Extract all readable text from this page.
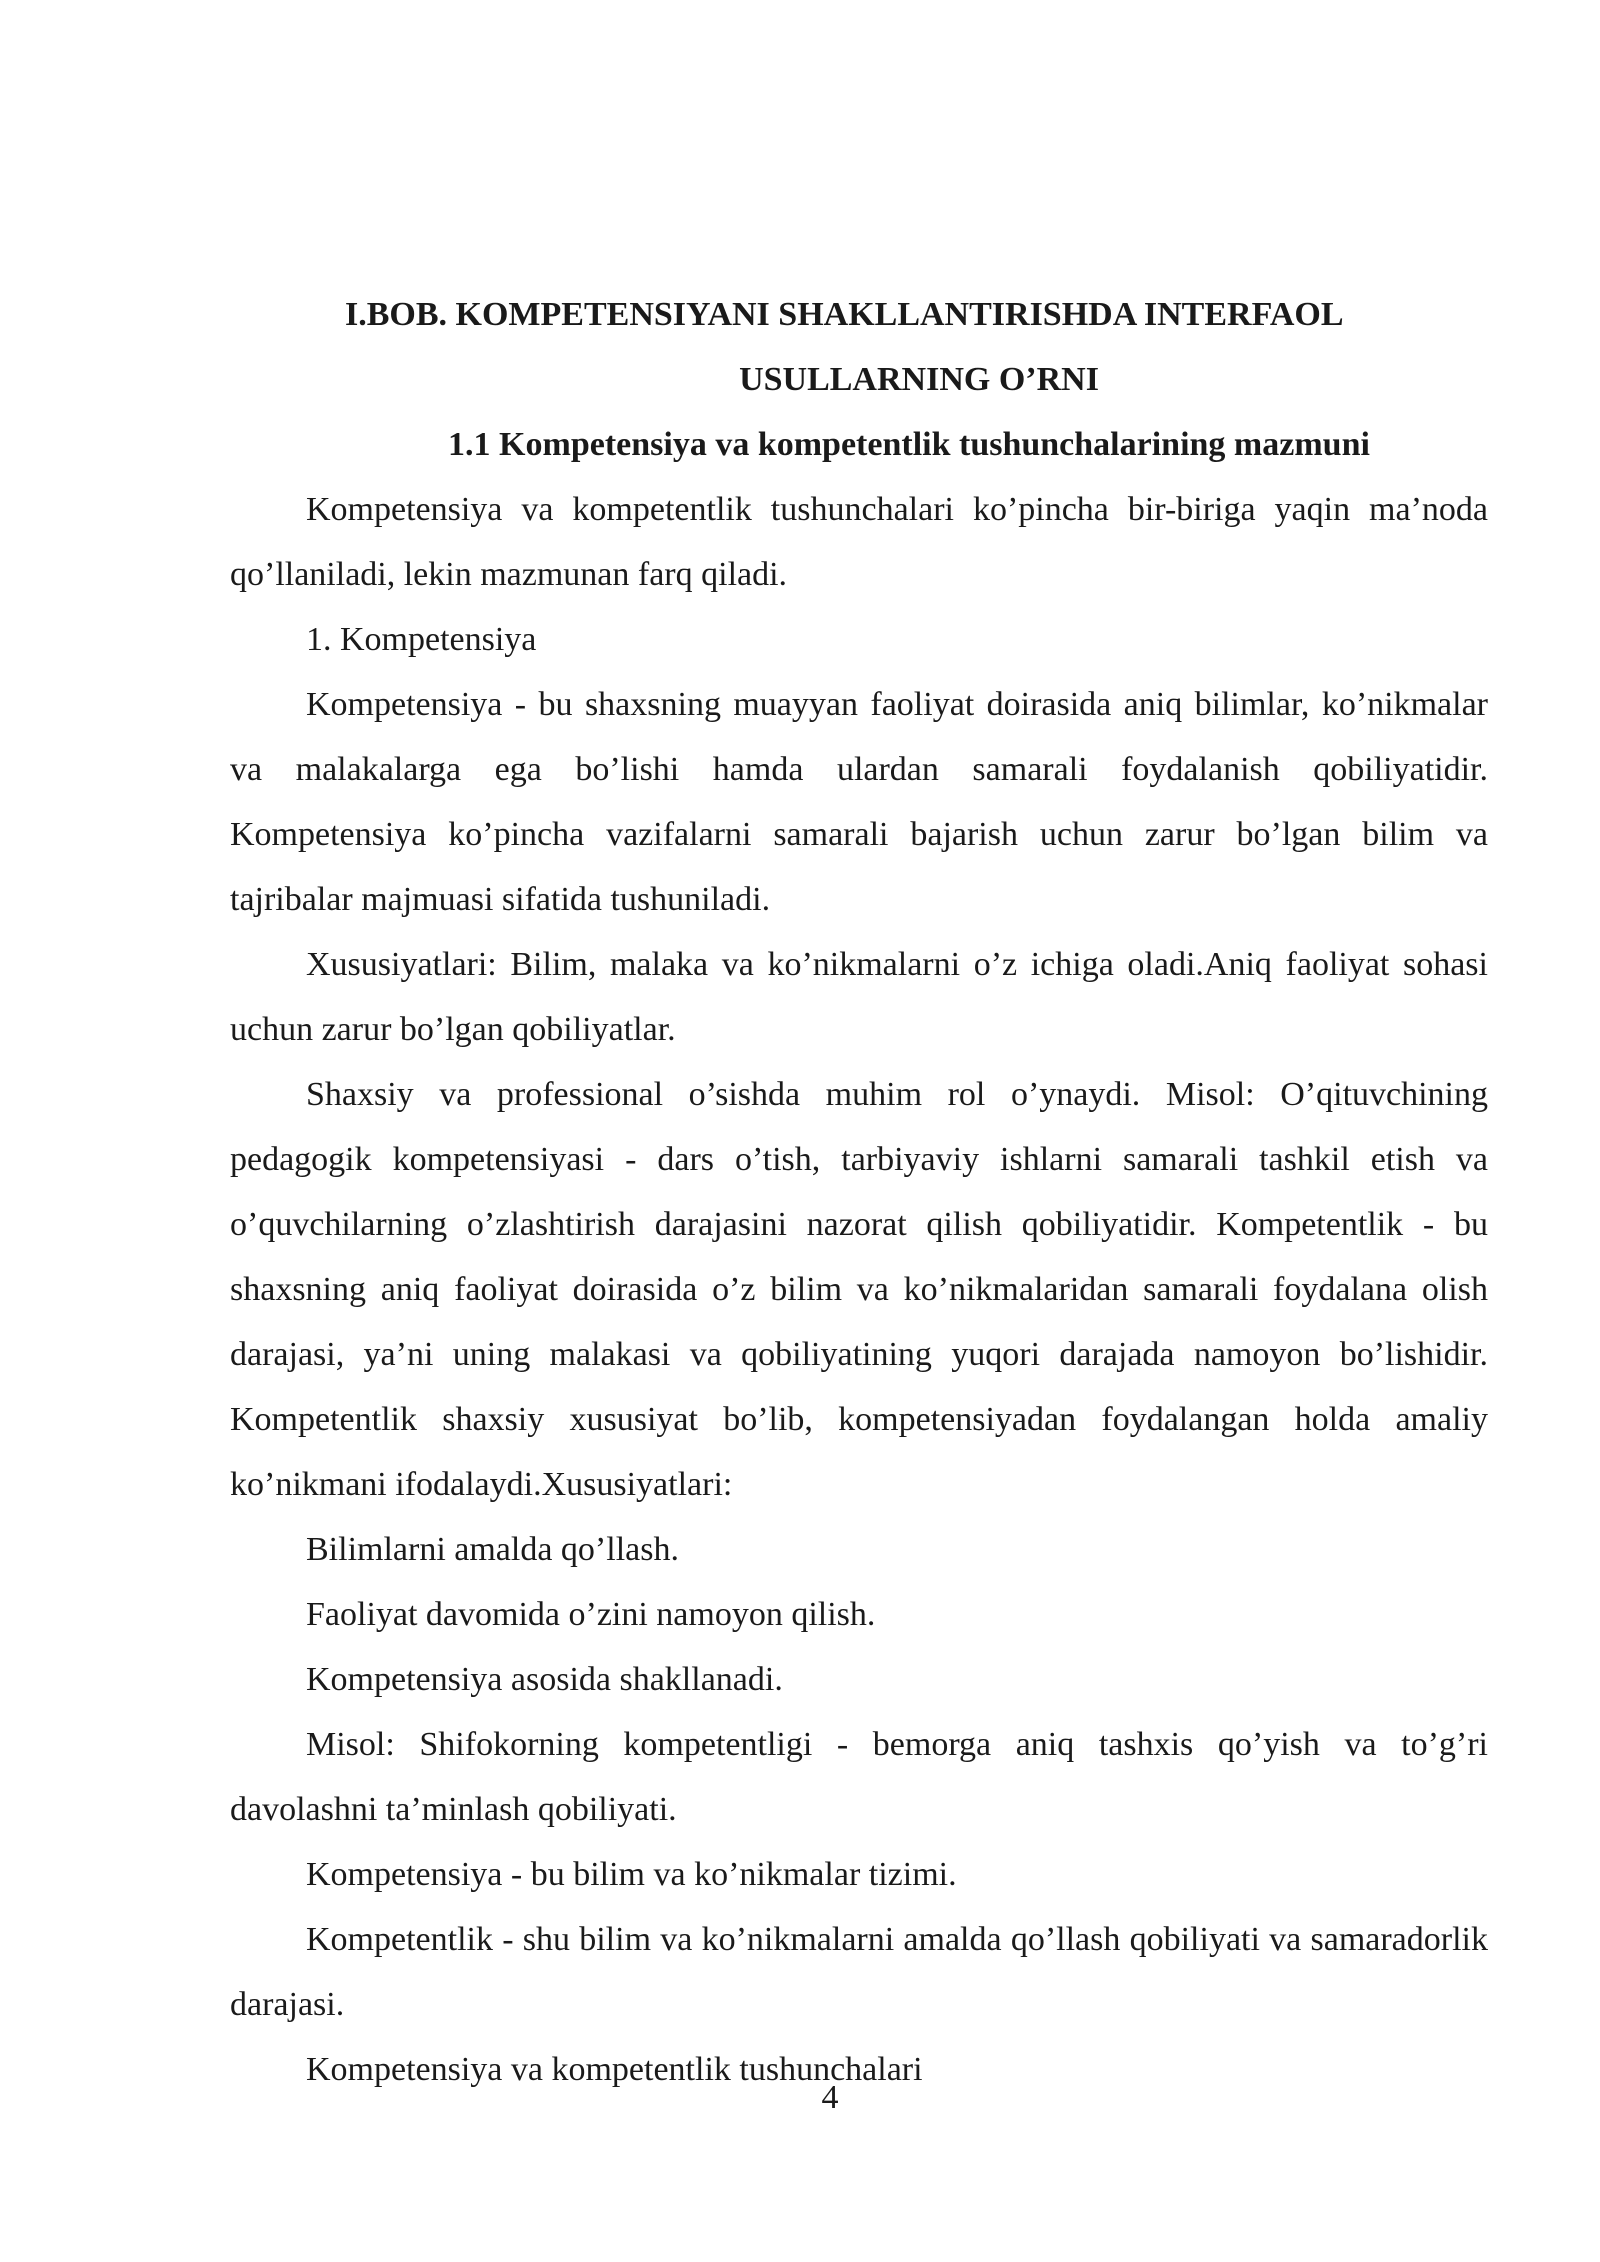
I.BOB. KOMPETENSIYANI SHAKLLANTIRISHDA INTERFAOL

USULLARNING O’RNI

1.1 Kompetensiya va kompetentlik tushunchalarining mazmuni

Kompetensiya va kompetentlik tushunchalari ko’pincha bir-biriga yaqin ma’noda qo’llaniladi, lekin mazmunan farq qiladi.

1. Kompetensiya

Kompetensiya - bu shaxsning muayyan faoliyat doirasida aniq bilimlar, ko’nikmalar va malakalarga ega bo’lishi hamda ulardan samarali foydalanish qobiliyatidir. Kompetensiya ko’pincha vazifalarni samarali bajarish uchun zarur bo’lgan bilim va tajribalar majmuasi sifatida tushuniladi.

Xususiyatlari: Bilim, malaka va ko’nikmalarni o’z ichiga oladi.Aniq faoliyat sohasi uchun zarur bo’lgan qobiliyatlar.

Shaxsiy va professional o’sishda muhim rol o’ynaydi. Misol: O’qituvchining pedagogik kompetensiyasi - dars o’tish, tarbiyaviy ishlarni samarali tashkil etish va o’quvchilarning o’zlashtirish darajasini nazorat qilish qobiliyatidir. Kompetentlik - bu shaxsning aniq faoliyat doirasida o’z bilim va ko’nikmalaridan samarali foydalana olish darajasi, ya’ni uning malakasi va qobiliyatining yuqori darajada namoyon bo’lishidir. Kompetentlik shaxsiy xususiyat bo’lib, kompetensiyadan foydalangan holda amaliy ko’nikmani ifodalaydi.Xususiyatlari:

Bilimlarni amalda qo’llash.

Faoliyat davomida o’zini namoyon qilish.

Kompetensiya asosida shakllanadi.

Misol: Shifokorning kompetentligi - bemorga aniq tashxis qo’yish va to’g’ri davolashni ta’minlash qobiliyati.

Kompetensiya - bu bilim va ko’nikmalar tizimi.

Kompetentlik - shu bilim va ko’nikmalarni amalda qo’llash qobiliyati va samaradorlik darajasi.

Kompetensiya va kompetentlik tushunchalari

4
